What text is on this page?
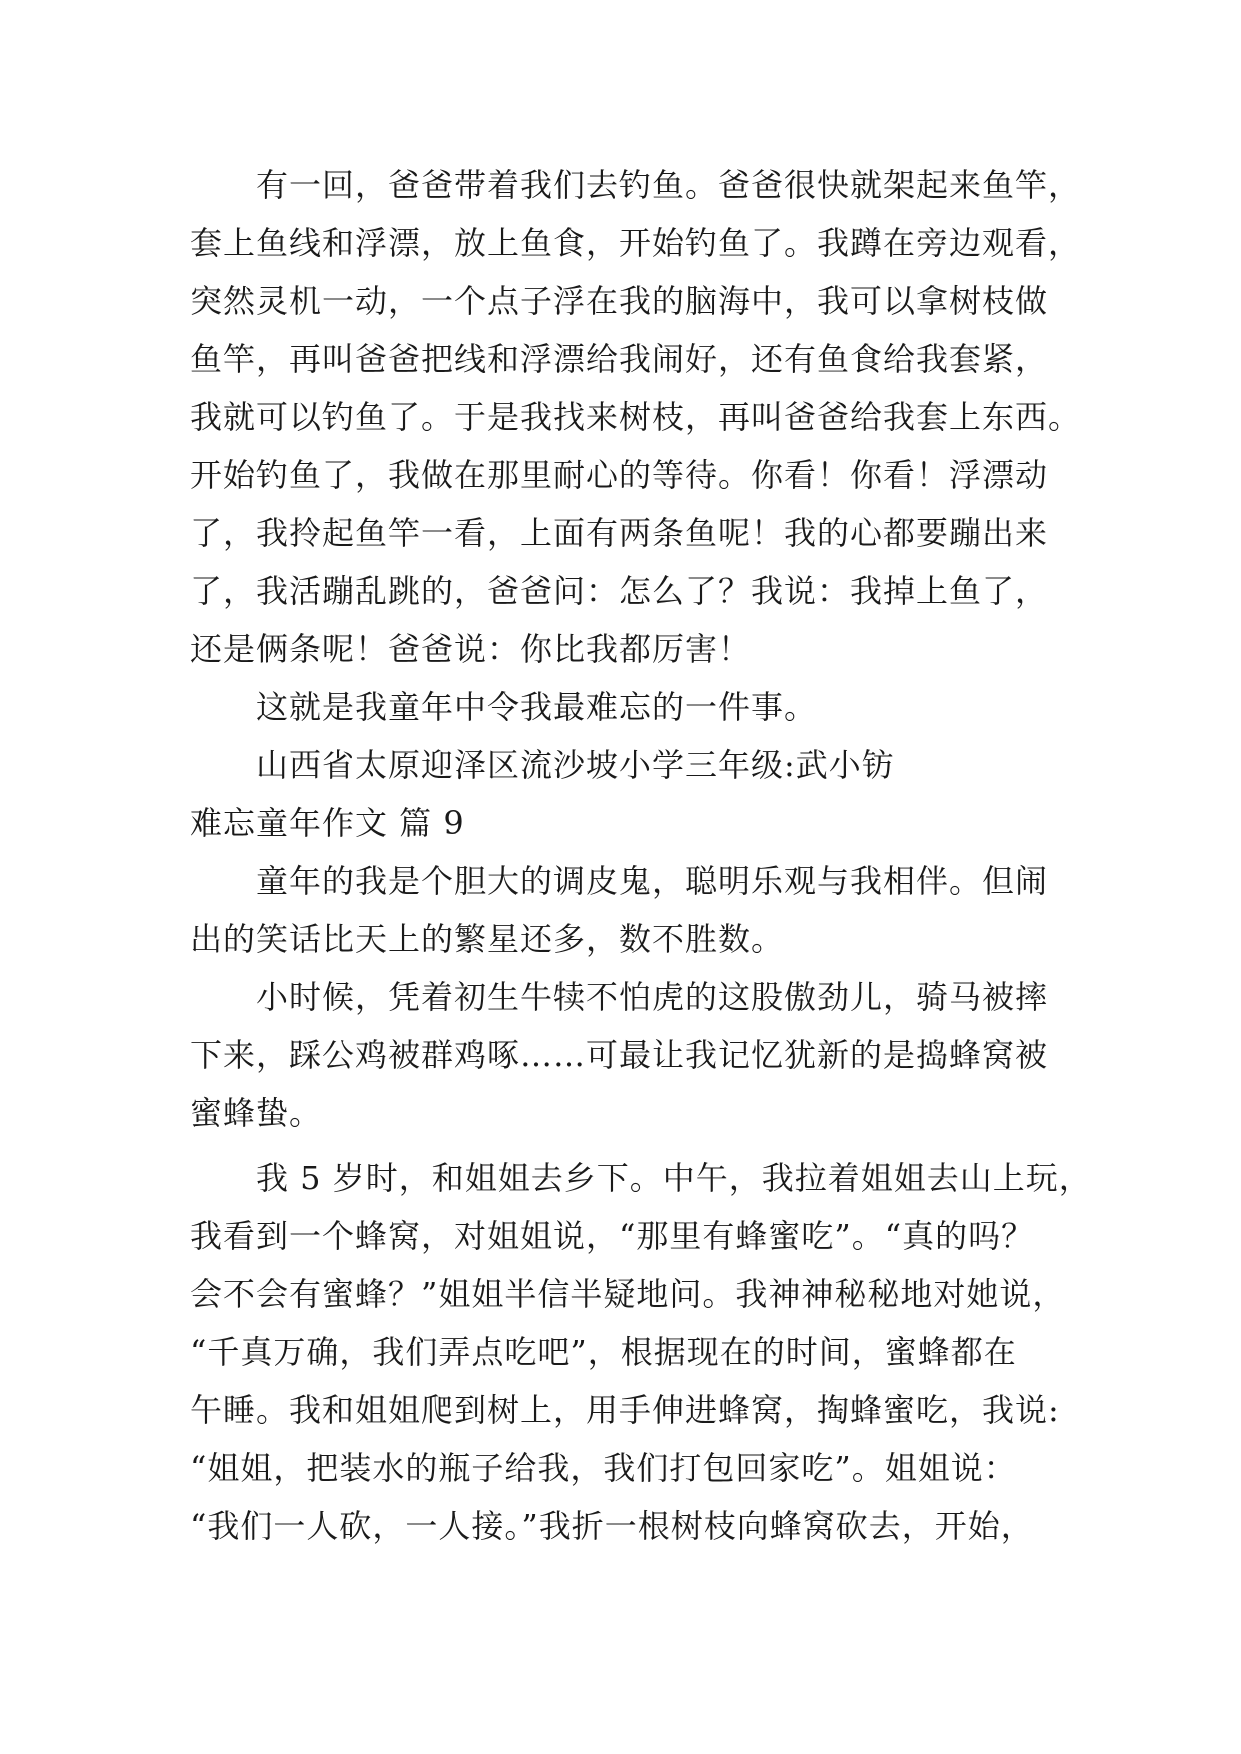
有一回，爸爸带着我们去钓鱼。爸爸很快就架起来鱼竿，
套上鱼线和浮漂，放上鱼食，开始钓鱼了。我蹲在旁边观看，
突然灵机一动，一个点子浮在我的脑海中，我可以拿树枝做
鱼竿，再叫爸爸把线和浮漂给我闹好，还有鱼食给我套紧，
我就可以钓鱼了。于是我找来树枝，再叫爸爸给我套上东西。
开始钓鱼了，我做在那里耐心的等待。你看！你看！浮漂动
了，我拎起鱼竿一看，上面有两条鱼呢！我的心都要蹦出来
了，我活蹦乱跳的，爸爸问：怎么了？我说：我掉上鱼了，
还是俩条呢！爸爸说：你比我都厉害！
这就是我童年中令我最难忘的一件事。
山西省太原迎泽区流沙坡小学三年级:武小钫
难忘童年作文 篇 9
童年的我是个胆大的调皮鬼，聪明乐观与我相伴。但闹
出的笑话比天上的繁星还多，数不胜数。
小时候，凭着初生牛犊不怕虎的这股傲劲儿，骑马被摔
下来，踩公鸡被群鸡啄……可最让我记忆犹新的是捣蜂窝被
蜜蜂蛰。
我 5 岁时，和姐姐去乡下。中午，我拉着姐姐去山上玩，
我看到一个蜂窝，对姐姐说，“那里有蜂蜜吃”。“真的吗？
会不会有蜜蜂？”姐姐半信半疑地问。我神神秘秘地对她说，
“千真万确，我们弄点吃吧”，根据现在的时间，蜜蜂都在
午睡。我和姐姐爬到树上，用手伸进蜂窝，掏蜂蜜吃，我说:
“姐姐，把装水的瓶子给我，我们打包回家吃”。姐姐说：
“我们一人砍，一人接。”我折一根树枝向蜂窝砍去，开始，
